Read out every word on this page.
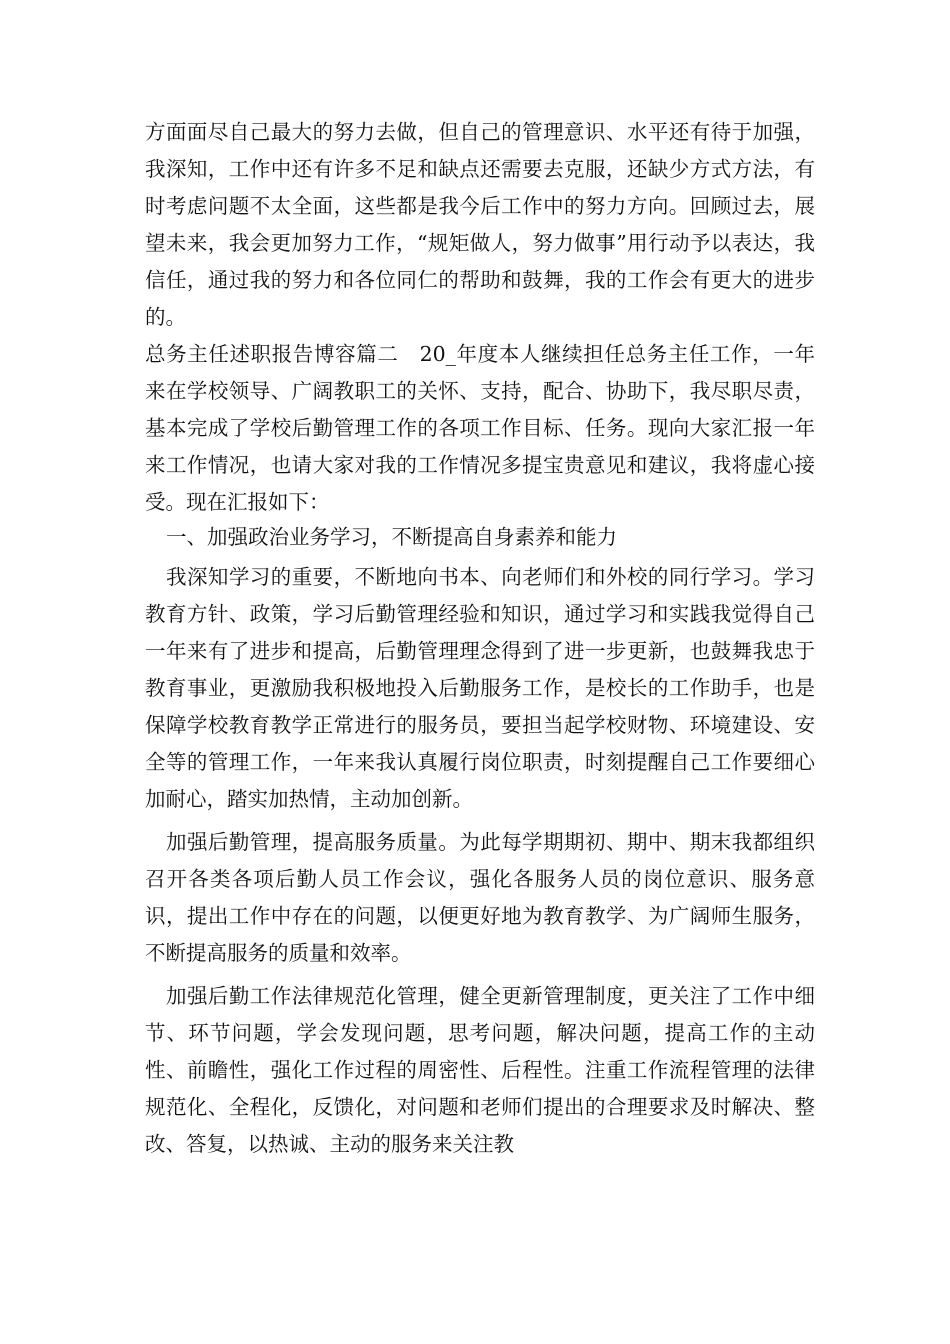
方面面尽自己最大的努力去做，但自己的管理意识、水平还有待于加强，我深知，工作中还有许多不足和缺点还需要去克服，还缺少方式方法，有时考虑问题不太全面，这些都是我今后工作中的努力方向。回顾过去，展望未来，我会更加努力工作，“规矩做人，努力做事”用行动予以表达，我信任，通过我的努力和各位同仁的帮助和鼓舞，我的工作会有更大的进步的。

总务主任述职报告博容篇二　20_年度本人继续担任总务主任工作，一年来在学校领导、广阔教职工的关怀、支持，配合、协助下，我尽职尽责，基本完成了学校后勤管理工作的各项工作目标、任务。现向大家汇报一年来工作情况，也请大家对我的工作情况多提宝贵意见和建议，我将虚心接受。现在汇报如下：

一、加强政治业务学习，不断提高自身素养和能力

我深知学习的重要，不断地向书本、向老师们和外校的同行学习。学习教育方针、政策，学习后勤管理经验和知识，通过学习和实践我觉得自己一年来有了进步和提高，后勤管理理念得到了进一步更新，也鼓舞我忠于教育事业，更激励我积极地投入后勤服务工作，是校长的工作助手，也是保障学校教育教学正常进行的服务员，要担当起学校财物、环境建设、安全等的管理工作，一年来我认真履行岗位职责，时刻提醒自己工作要细心加耐心，踏实加热情，主动加创新。

加强后勤管理，提高服务质量。为此每学期期初、期中、期末我都组织召开各类各项后勤人员工作会议，强化各服务人员的岗位意识、服务意识，提出工作中存在的问题，以便更好地为教育教学、为广阔师生服务，不断提高服务的质量和效率。

加强后勤工作法律规范化管理，健全更新管理制度，更关注了工作中细节、环节问题，学会发现问题，思考问题，解决问题，提高工作的主动性、前瞻性，强化工作过程的周密性、后程性。注重工作流程管理的法律规范化、全程化，反馈化，对问题和老师们提出的合理要求及时解决、整改、答复，以热诚、主动的服务来关注教
